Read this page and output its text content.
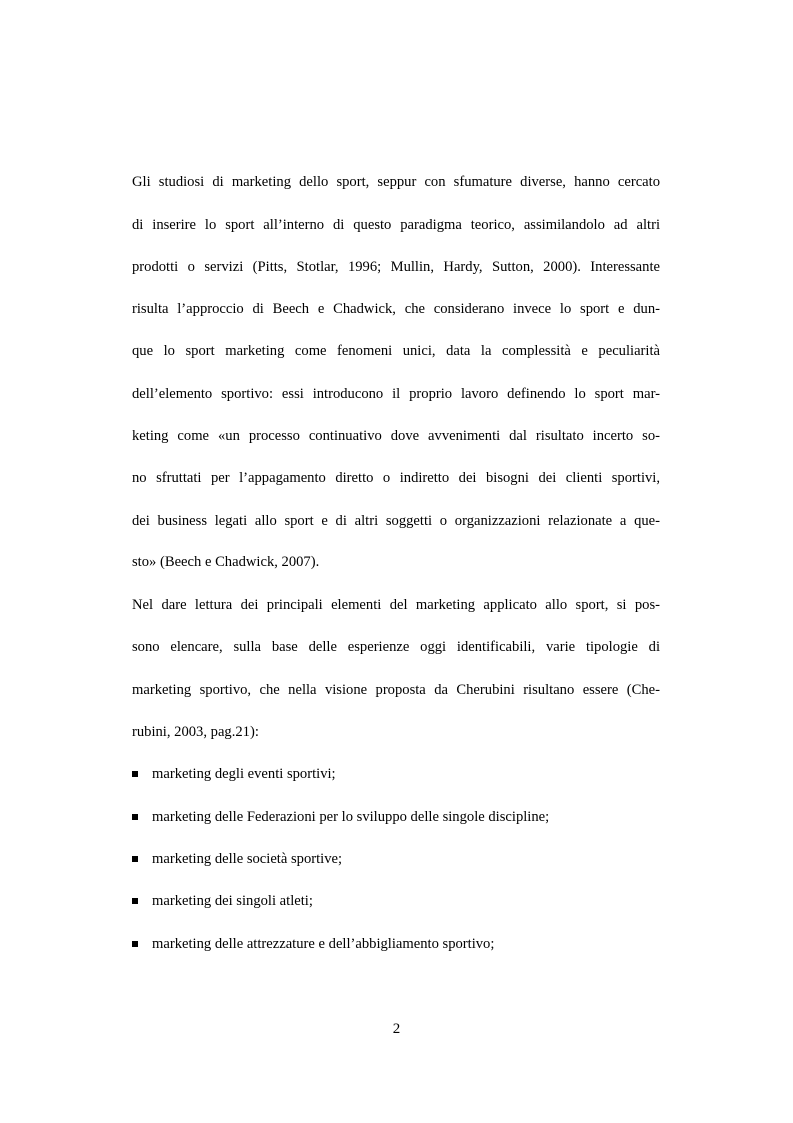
Gli studiosi di marketing dello sport, seppur con sfumature diverse, hanno cercato
di inserire lo sport all’interno di questo paradigma teorico, assimilandolo ad altri
prodotti o servizi (Pitts, Stotlar, 1996; Mullin, Hardy, Sutton, 2000). Interessante
risulta l’approccio di Beech e Chadwick, che considerano invece lo sport e dun-
que lo sport marketing come fenomeni unici, data la complessità e peculiarità
dell’elemento sportivo: essi introducono il proprio lavoro definendo lo sport mar-
keting come «un processo continuativo dove avvenimenti dal risultato incerto so-
no sfruttati per l’appagamento diretto o indiretto dei bisogni dei clienti sportivi,
dei business legati allo sport e di altri soggetti o organizzazioni relazionate a que-
sto» (Beech e Chadwick, 2007).
Nel dare lettura dei principali elementi del marketing applicato allo sport, si pos-
sono elencare, sulla base delle esperienze oggi identificabili, varie tipologie di
marketing sportivo, che nella visione proposta da Cherubini risultano essere (Che-
rubini, 2003, pag.21):
marketing degli eventi sportivi;
marketing delle Federazioni per lo sviluppo delle singole discipline;
marketing delle società sportive;
marketing dei singoli atleti;
marketing delle attrezzature e dell’abbigliamento sportivo;
2
